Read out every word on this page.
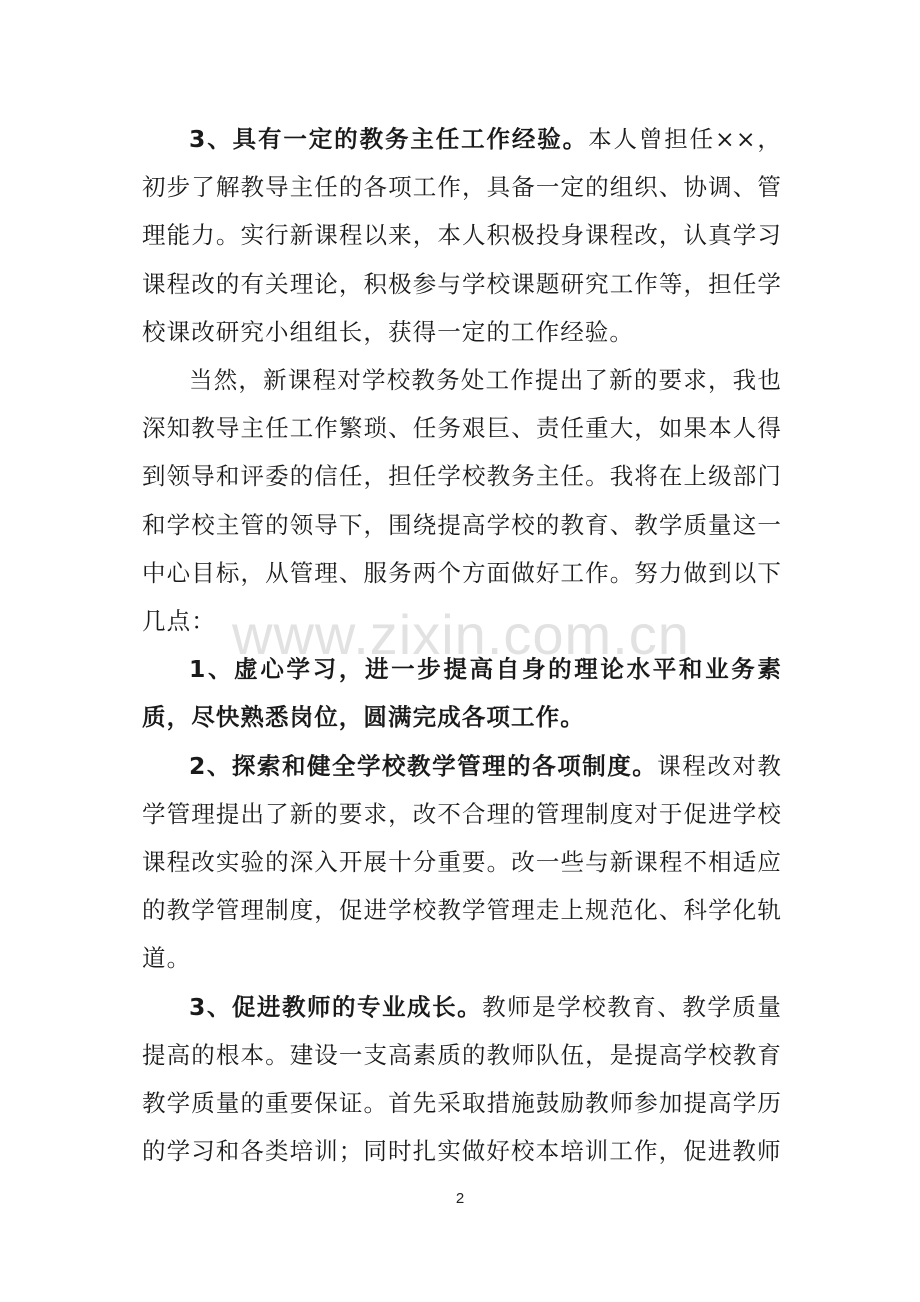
3、具有一定的教务主任工作经验。本人曾担任××，初步了解教导主任的各项工作，具备一定的组织、协调、管理能力。实行新课程以来，本人积极投身课程改，认真学习课程改的有关理论，积极参与学校课题研究工作等，担任学校课改研究小组组长，获得一定的工作经验。

当然，新课程对学校教务处工作提出了新的要求，我也深知教导主任工作繁琐、任务艰巨、责任重大，如果本人得到领导和评委的信任，担任学校教务主任。我将在上级部门和学校主管的领导下，围绕提高学校的教育、教学质量这一中心目标，从管理、服务两个方面做好工作。努力做到以下几点：

1、虚心学习，进一步提高自身的理论水平和业务素质，尽快熟悉岗位，圆满完成各项工作。

2、探索和健全学校教学管理的各项制度。课程改对教学管理提出了新的要求，改不合理的管理制度对于促进学校课程改实验的深入开展十分重要。改一些与新课程不相适应的教学管理制度，促进学校教学管理走上规范化、科学化轨道。

3、促进教师的专业成长。教师是学校教育、教学质量提高的根本。建设一支高素质的教师队伍，是提高学校教育教学质量的重要保证。首先采取措施鼓励教师参加提高学历的学习和各类培训；同时扎实做好校本培训工作，促进教师

www.zixin.com.cn
2
